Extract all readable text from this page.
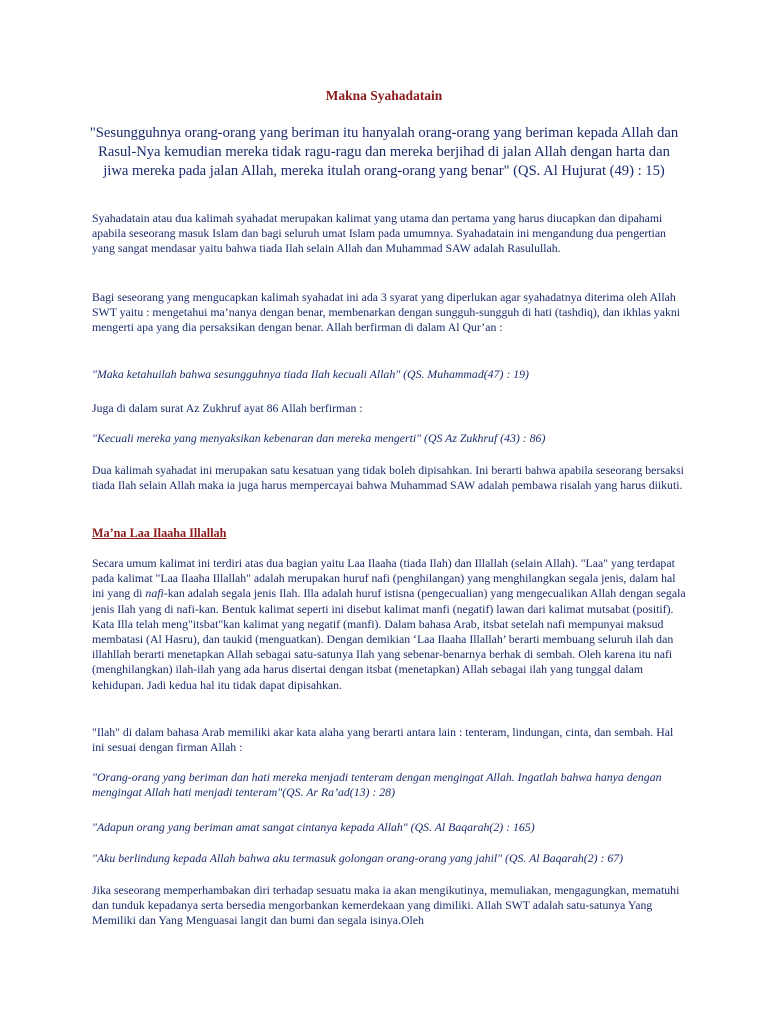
Makna Syahadatain

"Sesungguhnya orang-orang yang beriman itu hanyalah orang-orang yang beriman kepada Allah dan Rasul-Nya kemudian mereka tidak ragu-ragu dan mereka berjihad di jalan Allah dengan harta dan jiwa mereka pada jalan Allah, mereka itulah orang-orang yang benar" (QS. Al Hujurat (49) : 15)

Syahadatain atau dua kalimah syahadat merupakan kalimat yang utama dan pertama yang harus diucapkan dan dipahami apabila seseorang masuk Islam dan bagi seluruh umat Islam pada umumnya. Syahadatain ini mengandung dua pengertian yang sangat mendasar yaitu bahwa tiada Ilah selain Allah dan Muhammad SAW adalah Rasulullah.

Bagi seseorang yang mengucapkan kalimah syahadat ini ada 3 syarat yang diperlukan agar syahadatnya diterima oleh Allah SWT yaitu : mengetahui ma’nanya dengan benar, membenarkan dengan sungguh-sungguh di hati (tashdiq), dan ikhlas yakni mengerti apa yang dia persaksikan dengan benar. Allah berfirman di dalam Al Qur’an :

"Maka ketahuilah bahwa sesungguhnya tiada Ilah kecuali Allah" (QS. Muhammad(47) : 19)

Juga di dalam surat Az Zukhruf ayat 86 Allah berfirman :

"Kecuali mereka yang menyaksikan kebenaran dan mereka mengerti" (QS Az Zukhruf (43) : 86)

Dua kalimah syahadat ini merupakan satu kesatuan yang tidak boleh dipisahkan. Ini berarti bahwa apabila seseorang bersaksi tiada Ilah selain Allah maka ia juga harus mempercayai bahwa Muhammad SAW adalah pembawa risalah yang harus diikuti.

Ma’na Laa Ilaaha Illallah

Secara umum kalimat ini terdiri atas dua bagian yaitu Laa Ilaaha (tiada Ilah) dan Illallah (selain Allah). "Laa" yang terdapat pada kalimat "Laa Ilaaha Illallah" adalah merupakan huruf nafi (penghilangan) yang menghilangkan segala jenis, dalam hal ini yang di nafi-kan adalah segala jenis Ilah. Illa adalah huruf istisna (pengecualian) yang mengecualikan Allah dengan segala jenis Ilah yang di nafi-kan. Bentuk kalimat seperti ini disebut kalimat manfi (negatif) lawan dari kalimat mutsabat (positif). Kata Illa telah meng"itsbat"kan kalimat yang negatif (manfi). Dalam bahasa Arab, itsbat setelah nafi mempunyai maksud membatasi (Al Hasru), dan taukid (menguatkan). Dengan demikian ‘Laa Ilaaha Illallah’ berarti membuang seluruh ilah dan illahllah berarti menetapkan Allah sebagai satu-satunya Ilah yang sebenar-benarnya berhak di sembah. Oleh karena itu nafi (menghilangkan) ilah-ilah yang ada harus disertai dengan itsbat (menetapkan) Allah sebagai ilah yang tunggal dalam kehidupan. Jadi kedua hal itu tidak dapat dipisahkan.

"Ilah" di dalam bahasa Arab memiliki akar kata alaha yang berarti antara lain : tenteram, lindungan, cinta, dan sembah. Hal ini sesuai dengan firman Allah :

"Orang-orang yang beriman dan hati mereka menjadi tenteram dengan mengingat Allah. Ingatlah bahwa hanya dengan mengingat Allah hati menjadi tenteram"(QS. Ar Ra’ad(13) : 28)

"Adapun orang yang beriman amat sangat cintanya kepada Allah" (QS. Al Baqarah(2) : 165)

"Aku berlindung kepada Allah bahwa aku termasuk golongan orang-orang yang jahil" (QS. Al Baqarah(2) : 67)

Jika seseorang memperhambakan diri terhadap sesuatu maka ia akan mengikutinya, memuliakan, mengagungkan, mematuhi dan tunduk kepadanya serta bersedia mengorbankan kemerdekaan yang dimiliki. Allah SWT adalah satu-satunya Yang Memiliki dan Yang Menguasai langit dan bumi dan segala isinya.Oleh
